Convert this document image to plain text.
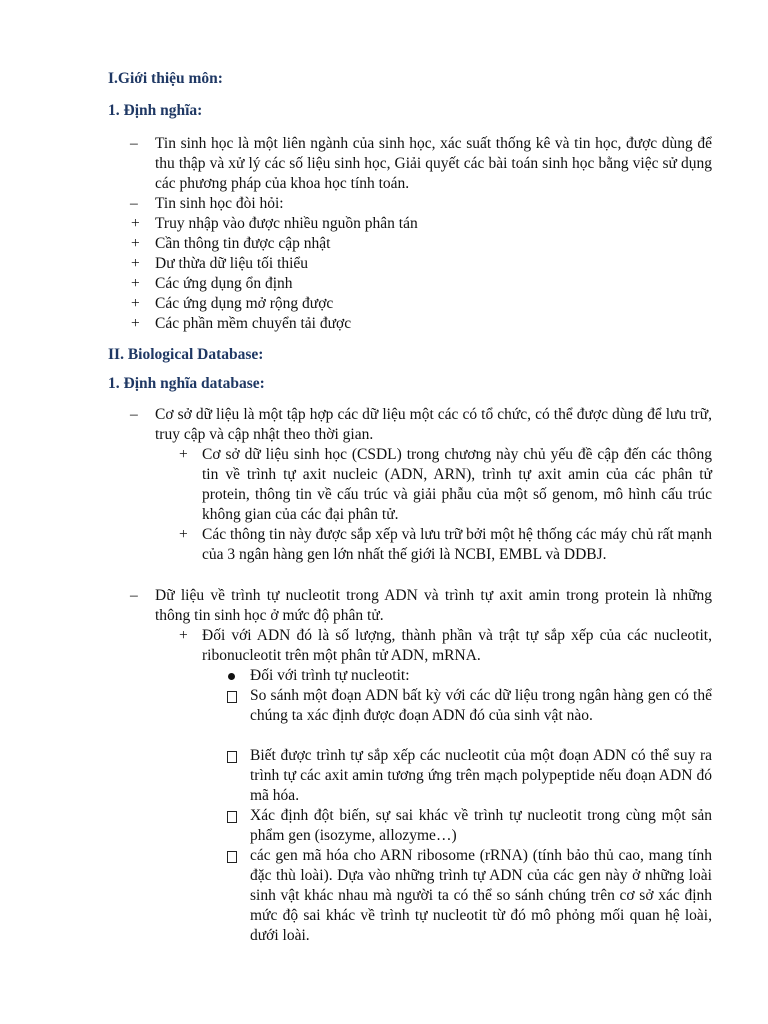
I.Giới thiệu môn:
1. Định nghĩa:
– Tin sinh học là một liên ngành của sinh học, xác suất thống kê và tin học, được dùng để thu thập và xử lý các số liệu sinh học, Giải quyết các bài toán sinh học bằng việc sử dụng các phương pháp của khoa học tính toán.
– Tin sinh học đòi hỏi:
+ Truy nhập vào được nhiều nguồn phân tán
+ Cần thông tin được cập nhật
+ Dư thừa dữ liệu tối thiểu
+ Các ứng dụng ổn định
+ Các ứng dụng mở rộng được
+ Các phần mềm chuyển tải được
II. Biological Database:
1. Định nghĩa database:
– Cơ sở dữ liệu là một tập hợp các dữ liệu một các có tổ chức, có thể được dùng để lưu trữ, truy cập và cập nhật theo thời gian.
+ Cơ sở dữ liệu sinh học (CSDL) trong chương này chủ yếu đề cập đến các thông tin về trình tự axit nucleic (ADN, ARN), trình tự axit amin của các phân tử protein, thông tin về cấu trúc và giải phẫu của một số genom, mô hình cấu trúc không gian của các đại phân tử.
+ Các thông tin này được sắp xếp và lưu trữ bởi một hệ thống các máy chủ rất mạnh của 3 ngân hàng gen lớn nhất thế giới là NCBI, EMBL và DDBJ.
– Dữ liệu về trình tự nucleotit trong ADN và trình tự axit amin trong protein là những thông tin sinh học ở mức độ phân tử.
+ Đối với ADN đó là số lượng, thành phần và trật tự sắp xếp của các nucleotit, ribonucleotit trên một phân tử ADN, mRNA.
Đối với trình tự nucleotit:
So sánh một đoạn ADN bất kỳ với các dữ liệu trong ngân hàng gen có thể chúng ta xác định được đoạn ADN đó của sinh vật nào.
Biết được trình tự sắp xếp các nucleotit của một đoạn ADN có thể suy ra trình tự các axit amin tương ứng trên mạch polypeptide nếu đoạn ADN đó mã hóa.
Xác định đột biến, sự sai khác về trình tự nucleotit trong cùng một sản phẩm gen (isozyme, allozyme…)
các gen mã hóa cho ARN ribosome (rRNA) (tính bảo thủ cao, mang tính đặc thù loài). Dựa vào những trình tự ADN của các gen này ở những loài sinh vật khác nhau mà người ta có thể so sánh chúng trên cơ sở xác định mức độ sai khác về trình tự nucleotit từ đó mô phỏng mối quan hệ loài, dưới loài.
